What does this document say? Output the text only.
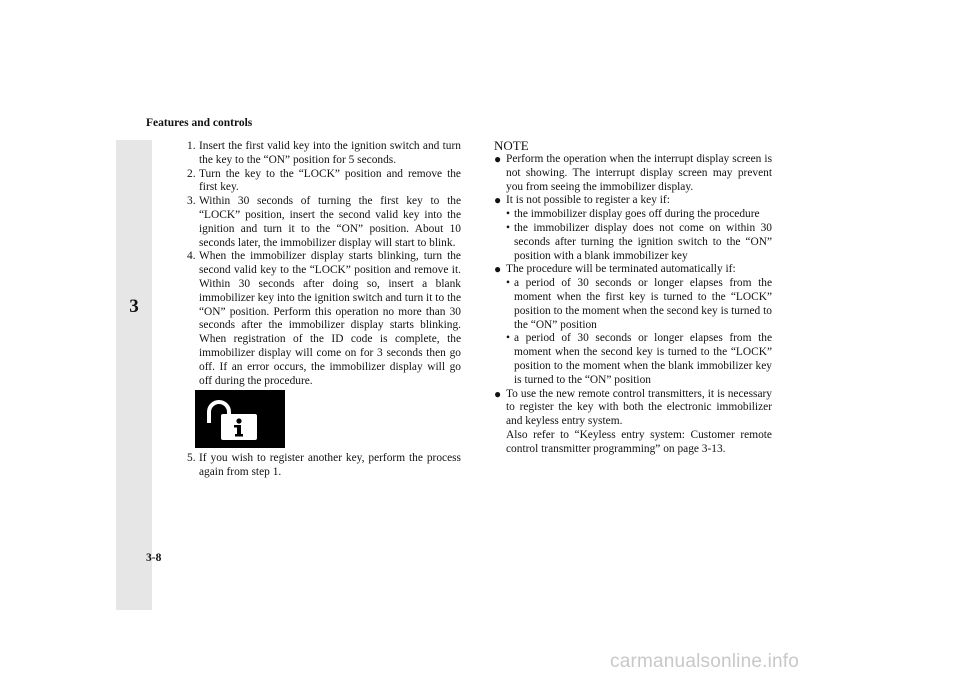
Features and controls
3
1. Insert the first valid key into the ignition switch and turn the key to the “ON” position for 5 seconds.
2. Turn the key to the “LOCK” position and remove the first key.
3. Within 30 seconds of turning the first key to the “LOCK” position, insert the second valid key into the ignition and turn it to the “ON” position. About 10 seconds later, the immobilizer display will start to blink.
4. When the immobilizer display starts blinking, turn the second valid key to the “LOCK” position and remove it. Within 30 seconds after doing so, insert a blank immobilizer key into the ignition switch and turn it to the “ON” position. Perform this operation no more than 30 seconds after the immobilizer display starts blinking. When registration of the ID code is complete, the immobilizer display will come on for 3 seconds then go off. If an error occurs, the immobilizer display will go off during the procedure.
5. If you wish to register another key, perform the process again from step 1.
NOTE
● Perform the operation when the interrupt display screen is not showing. The interrupt display screen may prevent you from seeing the immobilizer display.
● It is not possible to register a key if:
• the immobilizer display goes off during the procedure
• the immobilizer display does not come on within 30 seconds after turning the ignition switch to the “ON” position with a blank immobilizer key
● The procedure will be terminated automatically if:
• a period of 30 seconds or longer elapses from the moment when the first key is turned to the “LOCK” position to the moment when the second key is turned to the “ON” position
• a period of 30 seconds or longer elapses from the moment when the second key is turned to the “LOCK” position to the moment when the blank immobilizer key is turned to the “ON” position
● To use the new remote control transmitters, it is necessary to register the key with both the electronic immobilizer and keyless entry system.
Also refer to “Keyless entry system: Customer remote control transmitter programming” on page 3-13.
3-8
carmanualsonline.info
